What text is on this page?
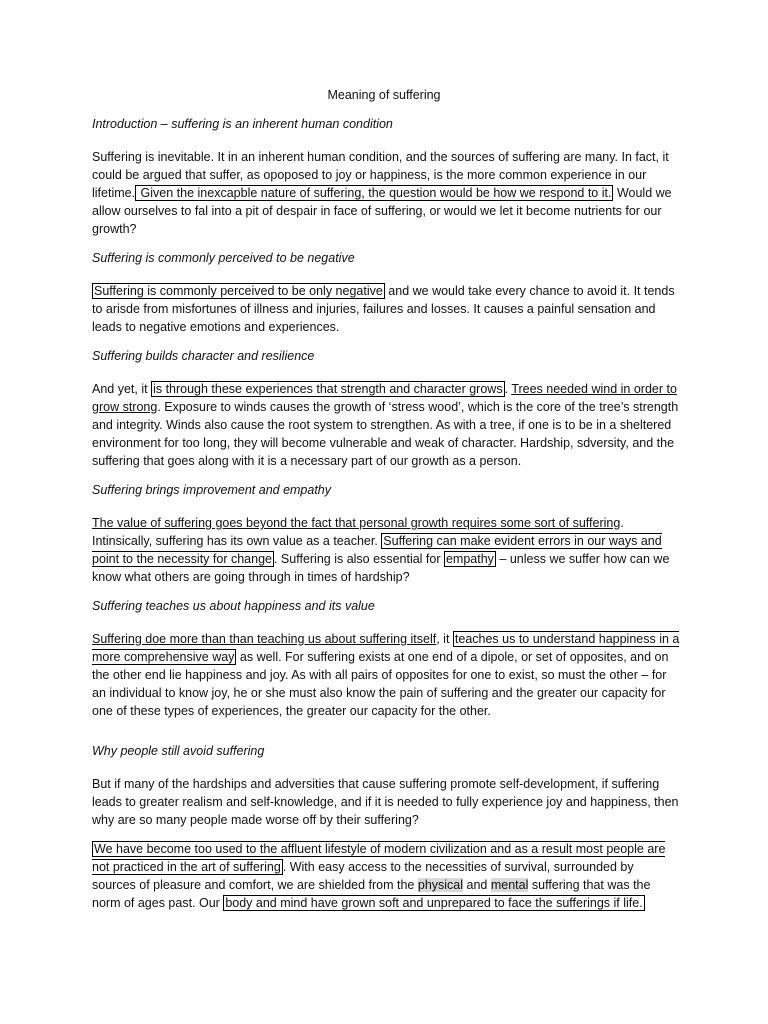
Meaning of suffering
Introduction – suffering is an inherent human condition

Suffering is inevitable. It in an inherent human condition, and the sources of suffering are many. In fact, it could be argued that suffer, as opoposed to joy or happiness, is the more common experience in our lifetime. Given the inexcapble nature of suffering, the question would be how we respond to it. Would we allow ourselves to fal into a pit of despair in face of suffering, or would we let it become nutrients for our growth?

Suffering is commonly perceived to be negative

Suffering is commonly perceived to be only negative and we would take every chance to avoid it. It tends to arisde from misfortunes of illness and injuries, failures and losses. It causes a painful sensation and leads to negative emotions and experiences.

Suffering builds character and resilience

And yet, it is through these experiences that strength and character grows . Trees needed wind in order to grow strong. Exposure to winds causes the growth of ‘stress wood’, which is the core of the tree’s strength and integrity. Winds also cause the root system to strengthen. As with a tree, if one is to be in a sheltered environment for too long, they will become vulnerable and weak of character. Hardship, sdversity, and the suffering that goes along with it is a necessary part of our growth as a person.

Suffering brings improvement and empathy

The value of suffering goes beyond the fact that personal growth requires some sort of suffering. Intinsically, suffering has its own value as a teacher. Suffering can make evident errors in our ways and point to the necessity for change . Suffering is also essential for empathy – unless we suffer how can we know what others are going through in times of hardship?

Suffering teaches us about happiness and its value

Suffering doe more than than teaching us about suffering itself, it teaches us to understand happiness in a more comprehensive way as well. For suffering exists at one end of a dipole, or set of opposites, and on the other end lie happiness and joy. As with all pairs of opposites for one to exist, so must the other – for an individual to know joy, he or she must also know the pain of suffering and the greater our capacity for one of these types of experiences, the greater our capacity for the other.

Why people still avoid suffering

But if many of the hardships and adversities that cause suffering promote self-development, if suffering leads to greater realism and self-knowledge, and if it is needed to fully experience joy and happiness, then why are so many people made worse off by their suffering?

We have become too used to the affluent lifestyle of modern civilization and as a result most people are not practiced in the art of suffering . With easy access to the necessities of survival, surrounded by sources of pleasure and comfort, we are shielded from the physical and mental suffering that was the norm of ages past. Our body and mind have grown soft and unprepared to face the sufferings if life.
